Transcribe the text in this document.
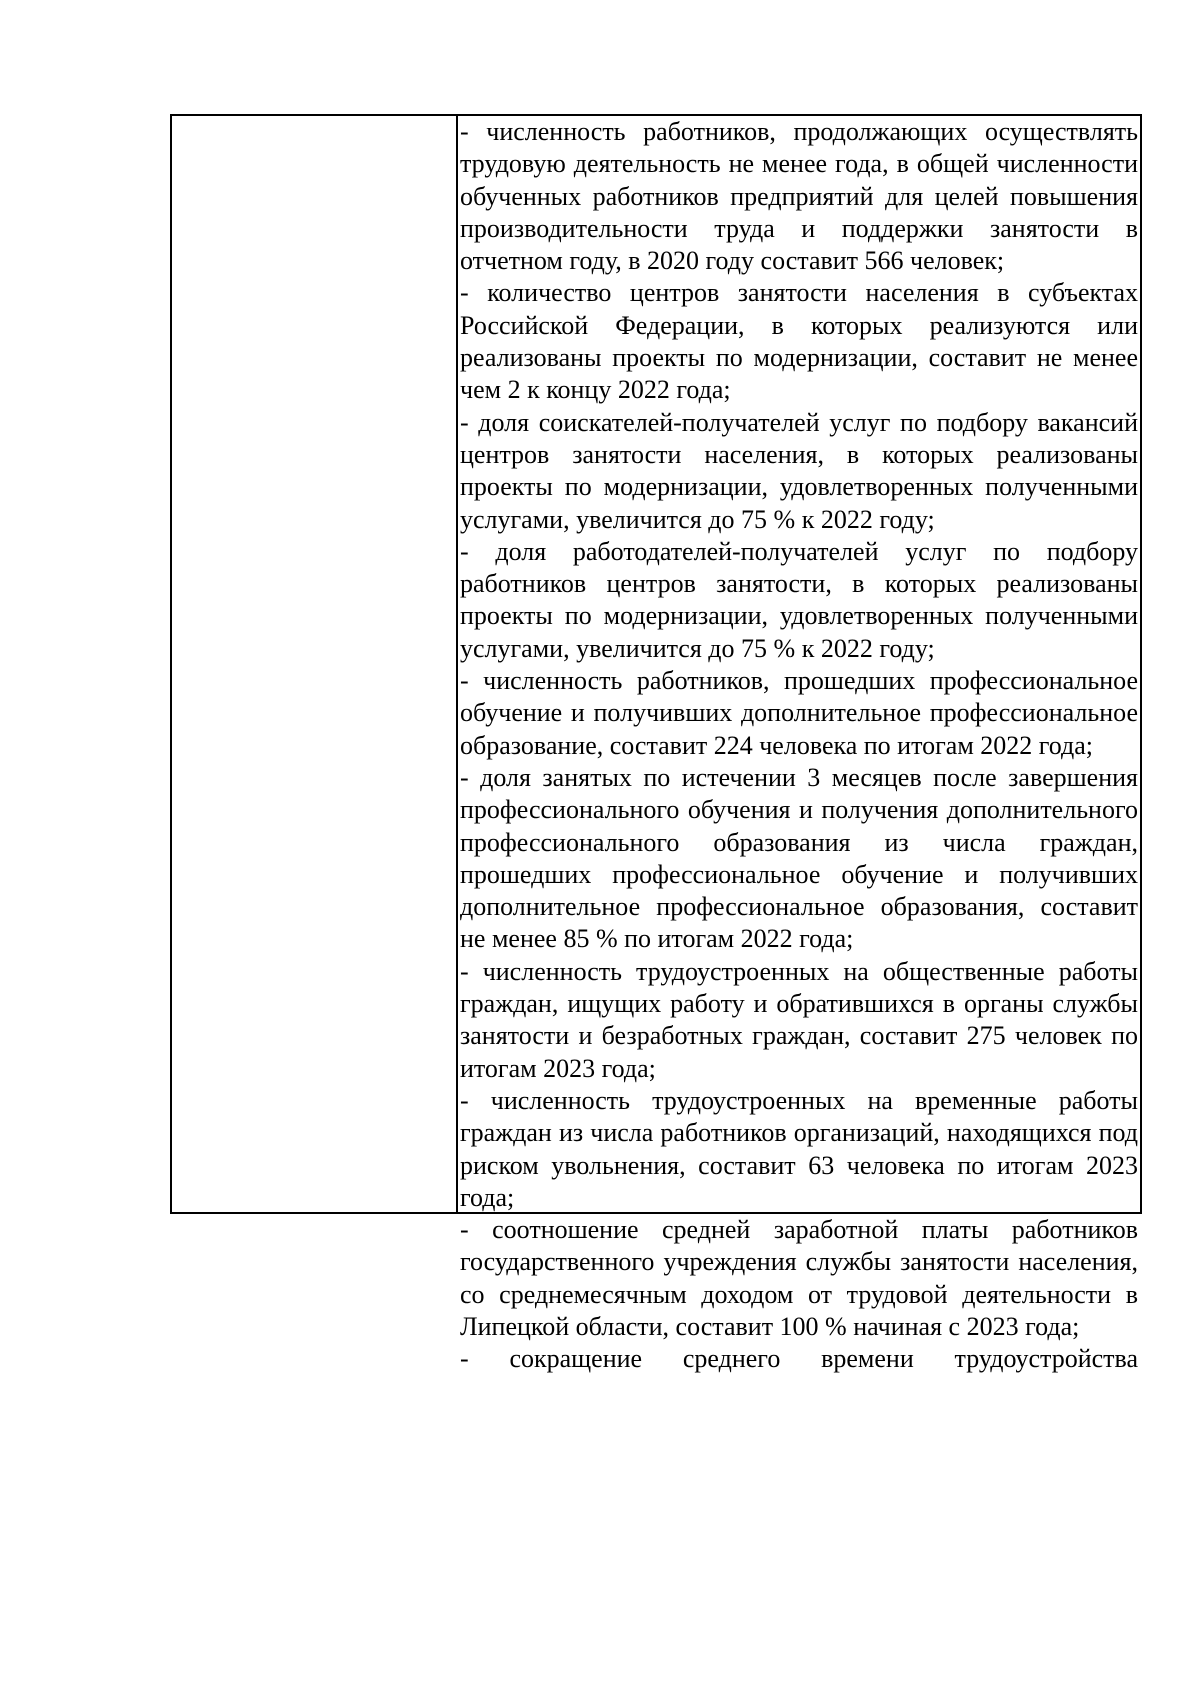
- численность работников, продолжающих осуществлять трудовую деятельность не менее года, в общей численности обученных работников предприятий для целей повышения производительности труда и поддержки занятости в отчетном году, в 2020 году составит 566 человек;

- количество центров занятости населения в субъектах Российской Федерации, в которых реализуются или реализованы проекты по модернизации, составит не менее чем 2 к концу 2022 года;

- доля соискателей-получателей услуг по подбору вакансий центров занятости населения, в которых реализованы проекты по модернизации, удовлетворенных полученными услугами, увеличится до 75 % к 2022 году;

- доля работодателей-получателей услуг по подбору работников центров занятости, в которых реализованы проекты по модернизации, удовлетворенных полученными услугами, увеличится до 75 % к 2022 году;

- численность работников, прошедших профессиональное обучение и получивших дополнительное профессиональное образование, составит 224 человека по итогам 2022 года;

- доля занятых по истечении 3 месяцев после завершения профессионального обучения и получения дополнительного профессионального образования из числа граждан, прошедших профессиональное обучение и получивших дополнительное профессиональное образования, составит не менее 85 % по итогам 2022 года;

- численность трудоустроенных на общественные работы граждан, ищущих работу и обратившихся в органы службы занятости и безработных граждан, составит 275 человек по итогам 2023 года;

- численность трудоустроенных на временные работы граждан из числа работников организаций, находящихся под риском увольнения, составит 63 человека по итогам 2023 года;

- соотношение средней заработной платы работников государственного учреждения службы занятости населения, со среднемесячным доходом от трудовой деятельности в Липецкой области, составит 100 % начиная с 2023 года;

- сокращение среднего времени трудоустройства
